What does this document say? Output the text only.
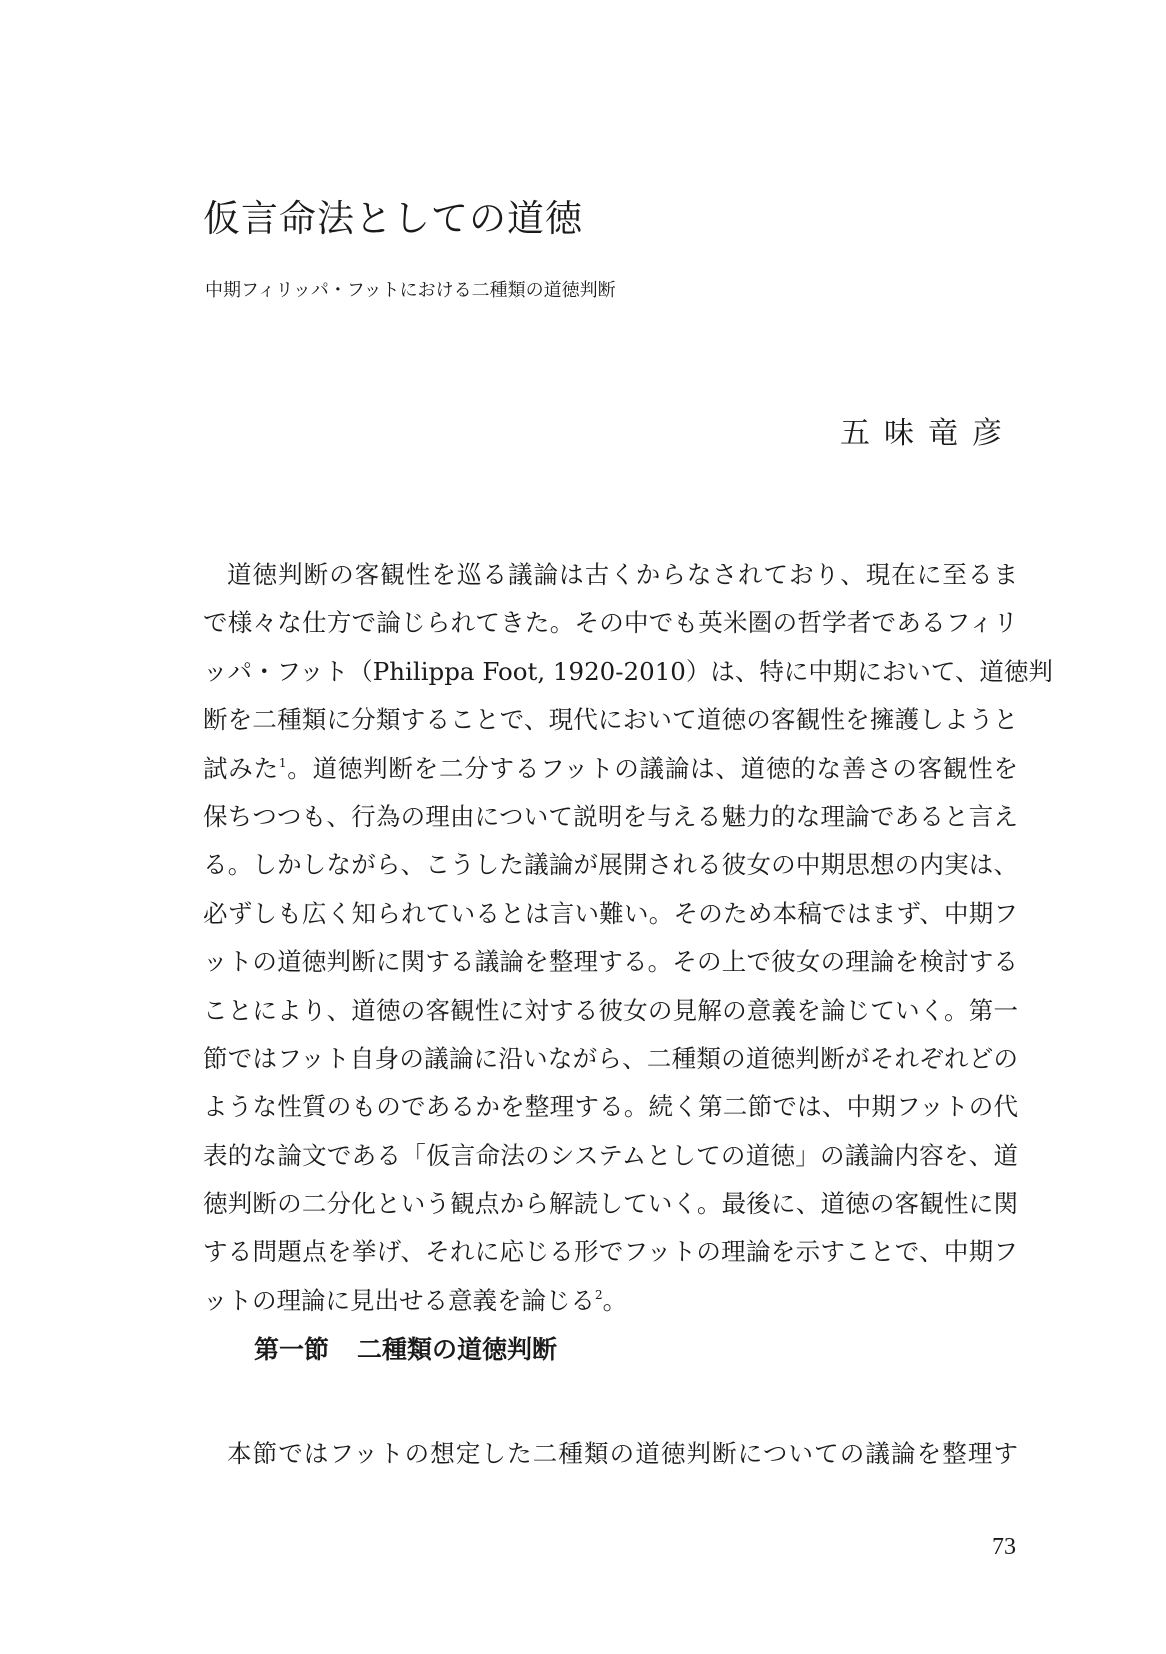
仮言命法としての道徳
中期フィリッパ・フットにおける二種類の道徳判断
五味竜彦
道徳判断の客観性を巡る議論は古くからなされており、現在に至るま
で様々な仕方で論じられてきた。その中でも英米圏の哲学者であるフィリ
ッパ・フット（Philippa Foot, 1920-2010）は、特に中期において、道徳判
断を二種類に分類することで、現代において道徳の客観性を擁護しようと
試みた$^1$。道徳判断を二分するフットの議論は、道徳的な善さの客観性を
保ちつつも、行為の理由について説明を与える魅力的な理論であると言え
る。しかしながら、こうした議論が展開される彼女の中期思想の内実は、
必ずしも広く知られているとは言い難い。そのため本稿ではまず、中期フ
ットの道徳判断に関する議論を整理する。その上で彼女の理論を検討する
ことにより、道徳の客観性に対する彼女の見解の意義を論じていく。第一
節ではフット自身の議論に沿いながら、二種類の道徳判断がそれぞれどの
ような性質のものであるかを整理する。続く第二節では、中期フットの代
表的な論文である「仮言命法のシステムとしての道徳」の議論内容を、道
徳判断の二分化という観点から解読していく。最後に、道徳の客観性に関
する問題点を挙げ、それに応じる形でフットの理論を示すことで、中期フ
ットの理論に見出せる意義を論じる$^2$。
第一節 二種類の道徳判断
本節ではフットの想定した二種類の道徳判断についての議論を整理す
73
